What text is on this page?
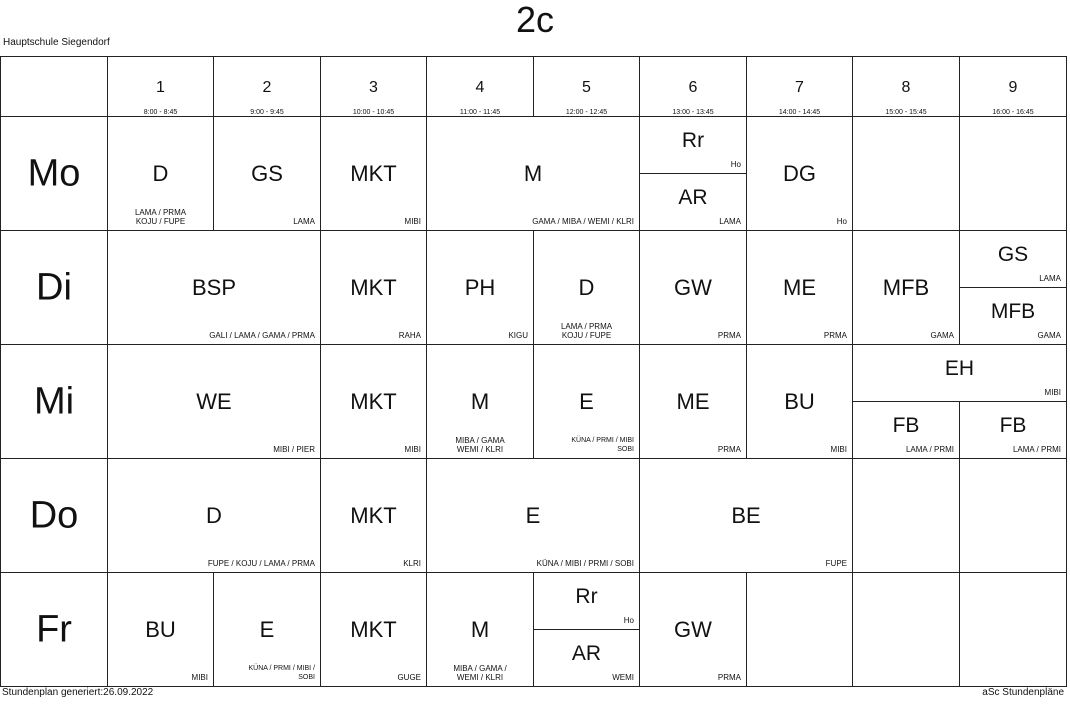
2c
Hauptschule Siegendorf
1
8:00 - 8:45
2
9:00 - 9:45
3
10:00 - 10:45
4
11:00 - 11:45
5
12:00 - 12:45
6
13:00 - 13:45
7
14:00 - 14:45
8
15:00 - 15:45
9
16:00 - 16:45
Mo
Di
Mi
Do
Fr
D
LAMA / PRMA
KOJU / FUPE
GS
LAMA
MKT
MIBI
M
GAMA / MIBA / WEMI / KLRI
Rr
Ho
AR
LAMA
DG
Ho
BSP
GALI / LAMA / GAMA / PRMA
MKT
RAHA
PH
KIGU
D
LAMA / PRMA
KOJU / FUPE
GW
PRMA
ME
PRMA
MFB
GAMA
GS
LAMA
MFB
GAMA
WE
MIBI / PIER
MKT
MIBI
M
MIBA / GAMA
WEMI / KLRI
E
KÜNA / PRMI / MIBI
SOBI
ME
PRMA
BU
MIBI
EH
MIBI
FB
LAMA / PRMI
FB
LAMA / PRMI
D
FUPE / KOJU / LAMA / PRMA
MKT
KLRI
E
KÜNA / MIBI / PRMI / SOBI
BE
FUPE
BU
MIBI
E
KÜNA / PRMI / MIBI /
SOBI
MKT
GUGE
M
MIBA / GAMA /
WEMI / KLRI
Rr
Ho
AR
WEMI
GW
PRMA
Stundenplan generiert:26.09.2022	aSc Stundenpläne
